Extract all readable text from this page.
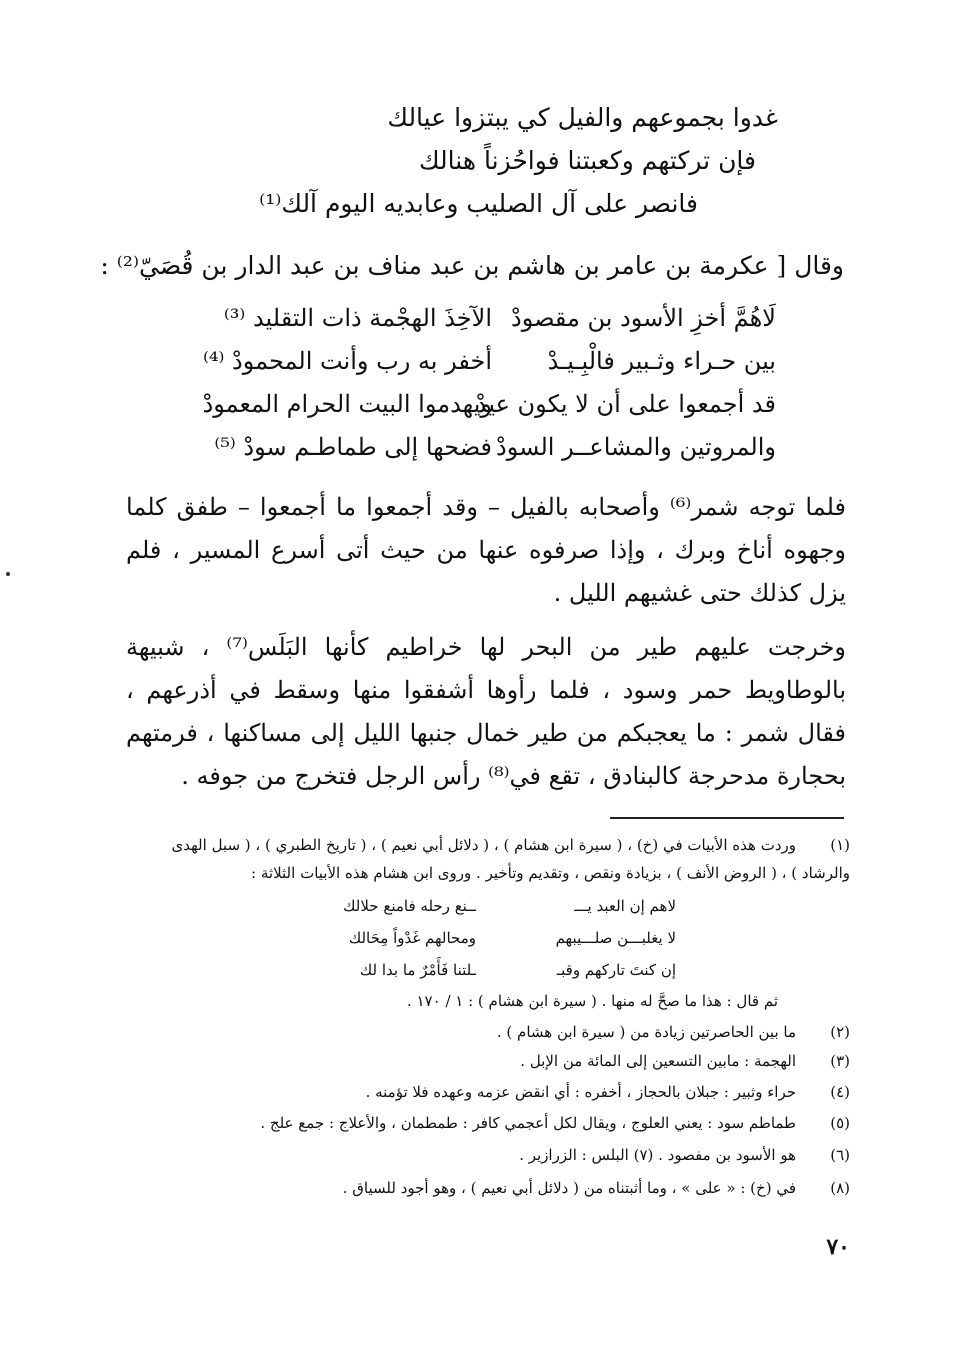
غدوا بجموعهم والفيل كي يبتزوا عيالك
فإن تركتهم وكعبتنا فواحُزناً هنالك
فانصر على آل الصليب وعابديه اليوم آلك⁽¹⁾
وقال [ عكرمة بن عامر بن هاشم بن عبد مناف بن عبد الدار بن قُصَيّ⁽²⁾ :
لَاهُمَّ أخزِ الأسود بن مقصودْ
الآخِذَ الهجْمة ذات التقليد ⁽³⁾
بين حـراء وثـبير فالْبِـيـدْ
أخفر به رب وأنت المحمودْ ⁽⁴⁾
قد أجمعوا على أن لا يكون عيدْ
ويهدموا البيت الحرام المعمودْ
والمروتين والمشاعــر السودْ
فضحها إلى طماطـم سودْ ⁽⁵⁾
فلما توجه شمر⁽⁶⁾ وأصحابه بالفيل – وقد أجمعوا ما أجمعوا – طفق كلما وجهوه أناخ وبرك ، وإذا صرفوه عنها من حيث أتى أسرع المسير ، فلم يزل كذلك حتى غشيهم الليل .
وخرجت عليهم طير من البحر لها خراطيم كأنها البَلَس⁽⁷⁾ ، شبيهة بالوطاويط حمر وسود ، فلما رأوها أشفقوا منها وسقط في أذرعهم ، فقال شمر : ما يعجبكم من طير خمال جنبها الليل إلى مساكنها ، فرمتهم بحجارة مدحرجة كالبنادق ، تقع في⁽⁸⁾ رأس الرجل فتخرج من جوفه .
(١)
وردت هذه الأبيات في (خ) ، ( سيرة ابن هشام ) ، ( دلائل أبي نعيم ) ، ( تاريخ الطبري ) ، ( سبل الهدى
والرشاد ) ، ( الروض الأنف ) ، بزيادة ونقص ، وتقديم وتأخير . وروى ابن هشام هذه الأبيات الثلاثة :
لاهم إن العبد يـــ
ــنع رحله فامنع حلالك
لا يغلبـــن صلـــيبهم
ومحالهم غَدْواً مِحَالك
إن كنتَ تاركهم وقبـ
ـلتنا فَأَمْرٌ ما بدا لك
ثم قال : هذا ما صحَّ له منها . ( سيرة ابن هشام ) : ١ / ١٧٠ .
(٢)
ما بين الحاصرتين زيادة من ( سيرة ابن هشام ) .
(٣)
الهجمة : مابين التسعين إلى المائة من الإبل .
(٤)
حراء وثبير : جبلان بالحجاز ، أخفره : أي انقض عزمه وعهده فلا تؤمنه .
(٥)
طماطم سود : يعني العلوج ، ويقال لكل أعجمي كافر : طمطمان ، والأعلاج : جمع علج .
(٦)
هو الأسود بن مفصود . (٧) البلس : الزرازير .
(٨)
في (خ) : « على » ، وما أثبتناه من ( دلائل أبي نعيم ) ، وهو أجود للسياق .
٧٠
